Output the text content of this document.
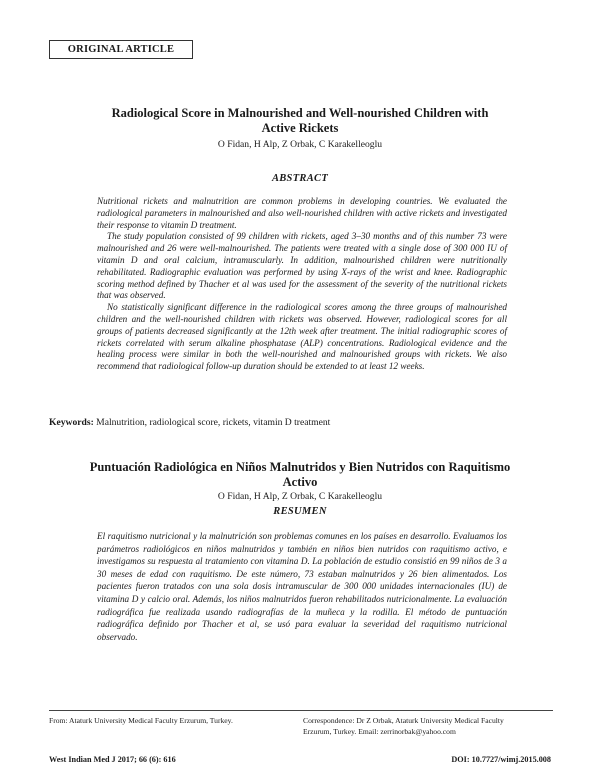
ORIGINAL ARTICLE
Radiological Score in Malnourished and Well-nourished Children with
Active Rickets
O Fidan, H Alp, Z Orbak, C Karakelleoglu
ABSTRACT

Nutritional rickets and malnutrition are common problems in developing countries. We evaluated the radiological parameters in malnourished and also well-nourished children with active rickets and investigated their response to vitamin D treatment.

The study population consisted of 99 children with rickets, aged 3–30 months and of this number 73 were malnourished and 26 were well-malnourished. The patients were treated with a single dose of 300 000 IU of vitamin D and oral calcium, intramuscularly. In addition, malnourished children were nutritionally rehabilitated. Radiographic evaluation was performed by using X-rays of the wrist and knee. Radiographic scoring method defined by Thacher et al was used for the assessment of the severity of the nutritional rickets that was observed.

No statistically significant difference in the radiological scores among the three groups of malnourished children and the well-nourished children with rickets was observed. However, radiological scores for all groups of patients decreased significantly at the 12th week after treatment. The initial radiographic scores of rickets correlated with serum alkaline phosphatase (ALP) concentrations. Radiological evidence and the healing process were similar in both the well-nourished and malnourished groups with rickets. We also recommend that radiological follow-up duration should be extended to at least 12 weeks.

Keywords: Malnutrition, radiological score, rickets, vitamin D treatment
Puntuación Radiológica en Niños Malnutridos y Bien Nutridos con Raquitismo
Activo
O Fidan, H Alp, Z Orbak, C Karakelleoglu
RESUMEN

El raquitismo nutricional y la malnutrición son problemas comunes en los países en desarrollo. Evaluamos los parámetros radiológicos en niños malnutridos y también en niños bien nutridos con raquitismo activo, e investigamos su respuesta al tratamiento con vitamina D. La población de estudio consistió en 99 niños de 3 a 30 meses de edad con raquitismo. De este número, 73 estaban malnutridos y 26 bien alimentados. Los pacientes fueron tratados con una sola dosis intramuscular de 300 000 unidades internacionales (IU) de vitamina D y calcio oral. Además, los niños malnutridos fueron rehabilitados nutricionalmente. La evaluación radiográfica fue realizada usando radiografías de la muñeca y la rodilla. El método de puntuación radiográfica definido por Thacher et al, se usó para evaluar la severidad del raquitismo nutricional observado.

From: Ataturk University Medical Faculty Erzurum, Turkey.	Correspondence: Dr Z Orbak, Ataturk University Medical Faculty
Erzurum, Turkey. Email: zerrinorbak@yahoo.com
West Indian Med J 2017; 66 (6): 616	DOI: 10.7727/wimj.2015.008
